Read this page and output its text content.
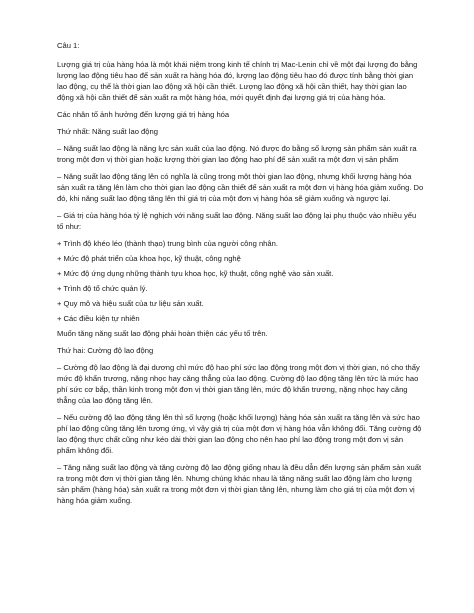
Câu 1:

Lượng giá trị của hàng hóa là một khái niệm trong kinh tế chính trị Mac-Lenin chỉ về một đại lượng đo bằng lượng lao động tiêu hao để sản xuất ra hàng hóa đó, lượng lao động tiêu hao đó được tính bằng thời gian lao động, cụ thể là thời gian lao động xã hội cần thiết. Lượng lao động xã hội cần thiết, hay thời gian lao động xã hội cần thiết để sản xuất ra một hàng hóa, mới quyết định đại lượng giá trị của hàng hóa.

Các nhân tố ảnh hưởng đến lượng giá trị hàng hóa

Thứ nhất: Năng suất lao động

– Năng suất lao động là năng lực sản xuất của lao động. Nó được đo bằng số lượng sản phẩm sản xuất ra trong một đơn vị thời gian hoặc lượng thời gian lao động hao phí để sản xuất ra một đơn vị sản phẩm

– Năng suất lao động tăng lên có nghĩa là cũng trong một thời gian lao động, nhưng khối lượng hàng hóa sản xuất ra tăng lên làm cho thời gian lao động cần thiết để sản xuất ra một đơn vị hàng hóa giảm xuống. Do đó, khi năng suất lao động tăng lên thì giá trị của một đơn vị hàng hóa sẽ giảm xuống và ngược lại.

– Giá trị của hàng hóa tỷ lệ nghịch với năng suất lao động. Năng suất lao động lại phụ thuộc vào nhiều yếu tố như:

+ Trình độ khéo léo (thành thạo) trung bình của người công nhân.

+ Mức độ phát triển của khoa học, kỹ thuật, công nghệ

+ Mức độ ứng dụng những thành tựu khoa học, kỹ thuật, công nghệ vào sản xuất.

+ Trình độ tổ chức quản lý.

+ Quy mô và hiệu suất của tư liệu sản xuất.

+ Các điều kiện tự nhiên

Muốn tăng năng suất lao động phải hoàn thiện các yếu tố trên.

Thứ hai: Cường độ lao động

– Cường độ lao động là đại dương chỉ mức độ hao phí sức lao động trong một đơn vị thời gian, nó cho thấy mức độ khẩn trương, nặng nhọc hay căng thẳng của lao động. Cường độ lao động tăng lên tức là mức hao phí sức cơ bắp, thần kinh trong một đơn vị thời gian tăng lên, mức độ khẩn trương, nặng nhọc hay căng thẳng của lao động tăng lên.

– Nếu cường độ lao động tăng lên thì số lượng (hoặc khối lượng) hàng hóa sản xuất ra tăng lên và sức hao phí lao động cũng tăng lên tương ứng, vì vậy giá trị của một đơn vị hàng hóa vẫn không đổi. Tăng cường độ lao động thực chất cũng như kéo dài thời gian lao động cho nên hao phí lao động trong một đơn vị sản phẩm không đổi.

– Tăng năng suất lao động và tăng cường độ lao động giống nhau là đều dẫn đến lượng sản phẩm sản xuất ra trong một đơn vị thời gian tăng lên. Nhưng chúng khác nhau là tăng năng suất lao động làm cho lượng sản phẩm (hàng hóa) sản xuất ra trong một đơn vị thời gian tăng lên, nhưng làm cho giá trị của một đơn vị hàng hóa giảm xuống.
